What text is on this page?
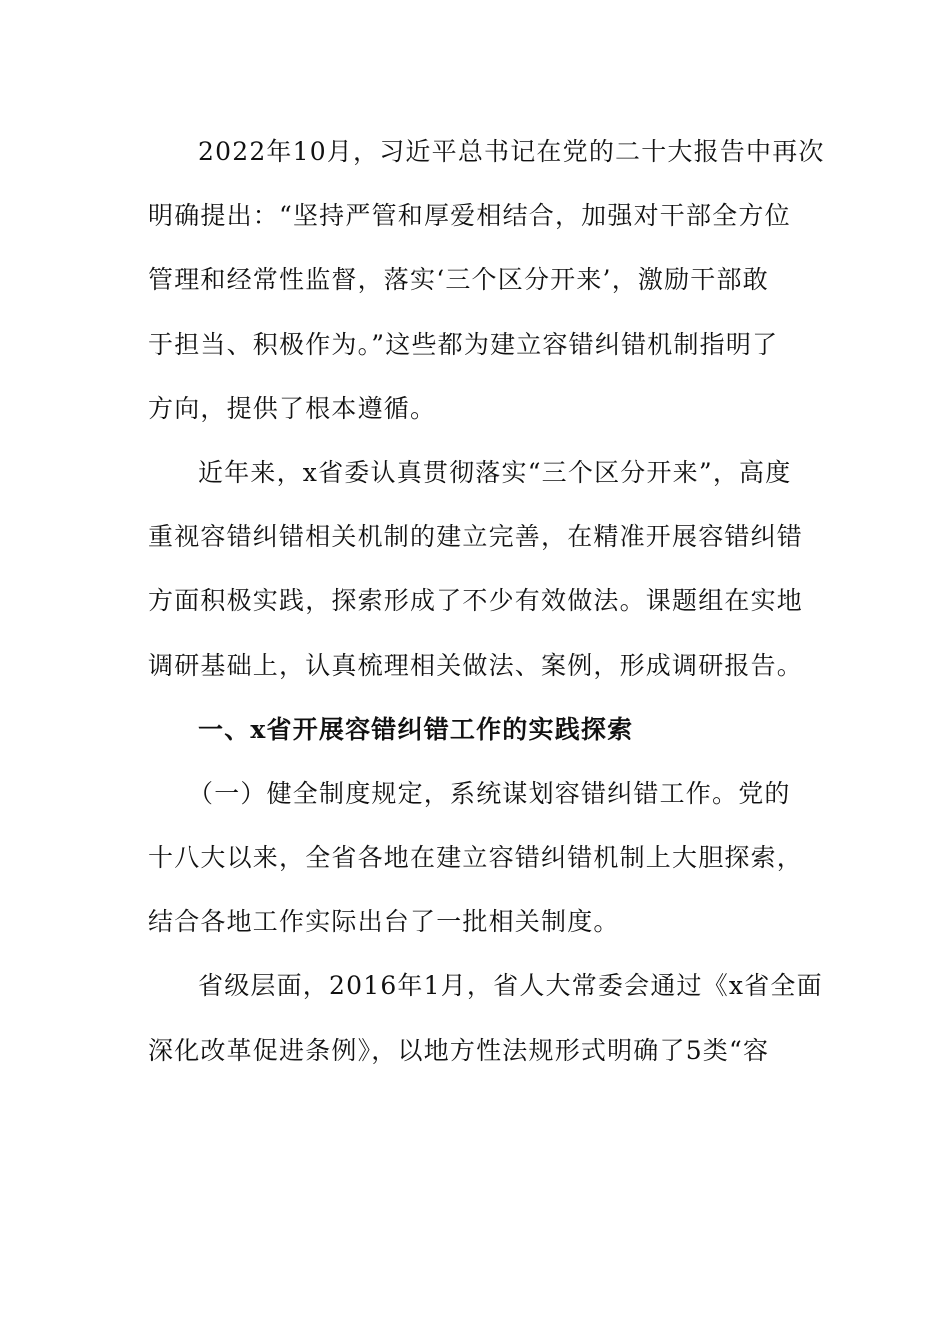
2022年10月，习近平总书记在党的二十大报告中再次
明确提出：“坚持严管和厚爱相结合，加强对干部全方位
管理和经常性监督，落实‘三个区分开来’，激励干部敢
于担当、积极作为。”这些都为建立容错纠错机制指明了
方向，提供了根本遵循。
近年来，x省委认真贯彻落实“三个区分开来”，高度
重视容错纠错相关机制的建立完善，在精准开展容错纠错
方面积极实践，探索形成了不少有效做法。课题组在实地
调研基础上，认真梳理相关做法、案例，形成调研报告。
一、x省开展容错纠错工作的实践探索
（一）健全制度规定，系统谋划容错纠错工作。党的
十八大以来，全省各地在建立容错纠错机制上大胆探索，
结合各地工作实际出台了一批相关制度。
省级层面，2016年1月，省人大常委会通过《x省全面
深化改革促进条例》，以地方性法规形式明确了5类“容
